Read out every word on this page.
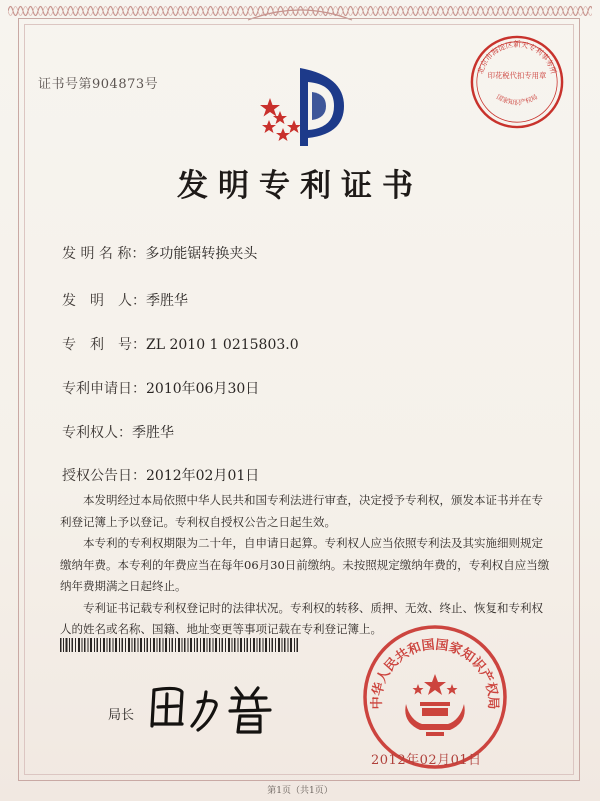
证书号第904873号
发明专利证书
发 明 名 称：多功能锯转换夹头
发　明　人：季胜华
专　利　号：ZL 2010 1 0215803.0
专利申请日：2010年06月30日
专利权人：季胜华
授权公告日：2012年02月01日

本发明经过本局依照中华人民共和国专利法进行审查，决定授予专利权，颁发本证书并在专利登记簿上予以登记。专利权自授权公告之日起生效。

本专利的专利权期限为二十年，自申请日起算。专利权人应当依照专利法及其实施细则规定缴纳年费。本专利的年费应当在每年06月30日前缴纳。未按照规定缴纳年费的，专利权自应当缴纳年费期满之日起终止。

专利证书记载专利权登记时的法律状况。专利权的转移、质押、无效、终止、恢复和专利权人的姓名或名称、国籍、地址变更等事项记载在专利登记簿上。

局长
北京市海淀区新天专利事务所
印花税代扣专用章
国家知识产权局
中华人民共和国国家知识产权局
2012年02月01日
第1页（共1页）
